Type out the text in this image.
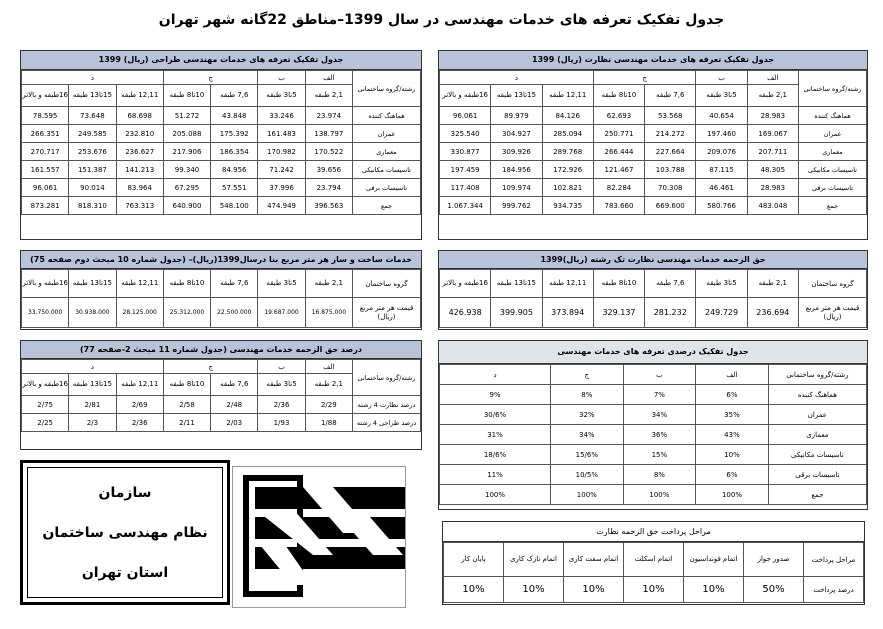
جدول تفکیک تعرفه های خدمات مهندسی در سال 1399–مناطق 22گانه شهر تهران
جدول تفکیک تعرفه های خدمات مهندسی نظارت (ریال) 1399
د			ج		ب	الف	رشته/گروه ساختمانی
16طبقه و بالاتر	15تا13 طبقه	12,11 طبقه	10تا8 طبقه	7,6 طبقه	5تا3 طبقه	2,1 طبقه	
96.061	89.979	84.126	62.693	53.568	40.654	28.983	هماهنگ کننده
325.540	304.927	285.094	250.771	214.272	197.460	169.067	عمران
330.877	309.926	289.768	266.444	227.664	209.076	207.711	معماری
197.459	184.956	172.926	121.467	103.788	87.115	48.305	تاسیسات مکانیکی
117.408	109.974	102.821	82.284	70.308	46.461	28.983	تاسیسات برقی
1.067.344	999.762	934.735	783.660	669.600	580.766	483.048	جمع
جدول تفکیک تعرفه های خدمات مهندسی طراحی (ریال) 1399
د			ج		ب	الف	رشته/گروه ساختمانی
16طبقه و بالاتر	15تا13 طبقه	12,11 طبقه	10تا8 طبقه	7,6 طبقه	5تا3 طبقه	2,1 طبقه	
78.595	73.648	68.698	51.272	43.848	33.246	23.974	هماهنگ کننده
266.351	249.585	232.810	205.088	175.392	161.483	138.797	عمران
270.717	253.676	236.627	217.906	186.354	170.982	170.522	معماری
161.557	151.387	141.213	99.340	84.956	71.242	39.656	تاسیسات مکانیکی
96.061	90.014	83.964	67.295	57.551	37.996	23.794	تاسیسات برقی
873.281	818.310	763.313	640.900	548.100	474.949	396.563	جمع
حق الزحمه خدمات مهندسی نظارت تک رشته (ریال)1399
16طبقه و بالاتر	15تا13 طبقه	12,11 طبقه	10تا8 طبقه	7,6 طبقه	5تا3 طبقه	2,1 طبقه	گروه ساختمان
426.938	399.905	373.894	329.137	281.232	249.729	236.694	قیمت هر متر مربع (ریال)
خدمات ساخت و ساز هر متر مربع بنا درسال1399(ریال)– (جدول شماره 10 مبحث دوم صفحه 75)
16طبقه و بالاتر	15تا13 طبقه	12,11 طبقه	10تا8 طبقه	7,6 طبقه	5تا3 طبقه	2,1 طبقه	گروه ساختمان
33.750.000	30.938.000	28.125.000	25.312.000	22.500.000	19.687.000	16.875.000	قیمت هر متر مربع (ریال)
درصد حق الزحمه خدمات مهندسی (جدول شماره 11 مبحث 2-صفحه 77)
د			ج		ب	الف	رشته/گروه ساختمانی
16طبقه و بالاتر	15تا13 طبقه	12,11 طبقه	10تا8 طبقه	7,6 طبقه	5تا3 طبقه	2,1 طبقه	
2/75	2/81	2/69	2/58	2/48	2/36	2/29	درصد نظارت 4 رشته
2/25	2/3	2/36	2/11	2/03	1/93	1/88	درصد طراحی 4 رشته
جدول تفکیک درصدی تعرفه های خدمات مهندسی
د	ج	ب	الف	رشته/گروه ساختمانی
9%	8%	7%	6%	هماهنگ کننده
30/6%	32%	34%	35%	عمران
31%	34%	36%	43%	معماری
18/6%	15/6%	15%	10%	تاسیسات مکانیکی
11%	10/5%	8%	6%	تاسیسات برقی
100%	100%	100%	100%	جمع
مراحل پرداخت حق الزحمه نظارت
پایان کار	اتمام نازک کاری	اتمام سفت کاری	اتمام اسکلت	اتمام فونداسیون	صدور جواز	مراحل پرداخت
10%	10%	10%	10%	10%	50%	درصد پرداخت
سازمان
نظام مهندسی ساختمان
استان تهران
